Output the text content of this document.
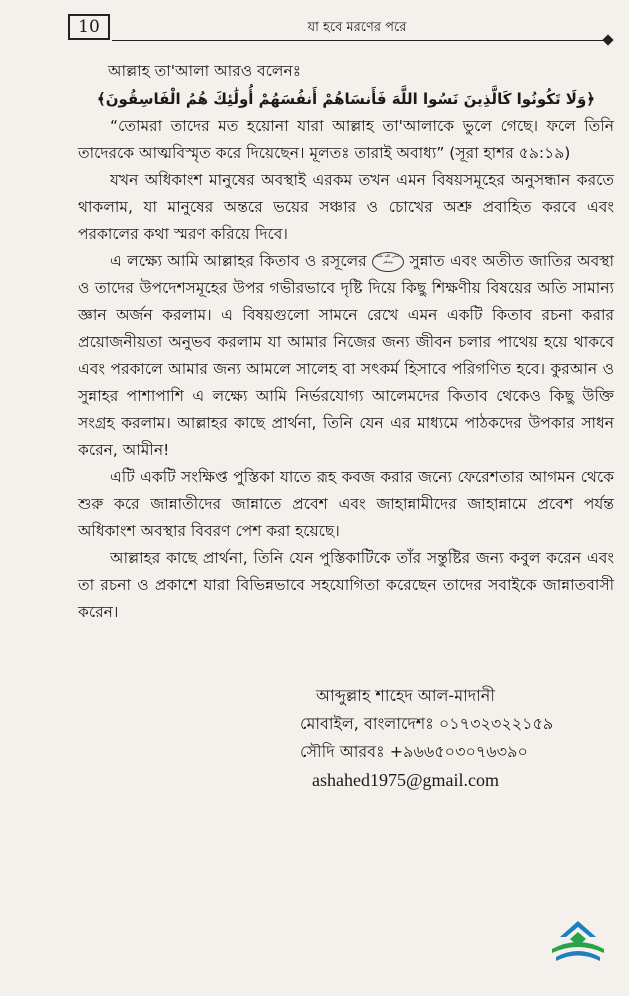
10	যা হবে মরণের পরে

আল্লাহ তা'আলা আরও বলেনঃ

﴿وَلَا تَكُونُوا كَالَّذِينَ نَسُوا اللَّهَ فَأَنسَاهُمْ أَنفُسَهُمْ أُولَٰئِكَ هُمُ الْفَاسِقُونَ﴾

“তোমরা তাদের মত হয়োনা যারা আল্লাহ তা'আলাকে ভুলে গেছে। ফলে তিনি তাদেরকে আত্মবিস্মৃত করে দিয়েছেন। মূলতঃ তারাই অবাধ্য” (সূরা হাশর ৫৯:১৯)

যখন অধিকাংশ মানুষের অবস্থাই এরকম তখন এমন বিষয়সমূহের অনুসন্ধান করতে থাকলাম, যা মানুষের অন্তরে ভয়ের সঞ্চার ও চোখের অশ্রু প্রবাহিত করবে এবং পরকালের কথা স্মরণ করিয়ে দিবে।

এ লক্ষ্যে আমি আল্লাহর কিতাব ও রসূলের صلى الله عليه وسلم সুন্নাত এবং অতীত জাতির অবস্থা ও তাদের উপদেশসমূহের উপর গভীরভাবে দৃষ্টি দিয়ে কিছু শিক্ষণীয় বিষয়ের অতি সামান্য জ্ঞান অর্জন করলাম। এ বিষয়গুলো সামনে রেখে এমন একটি কিতাব রচনা করার প্রয়োজনীয়তা অনুভব করলাম যা আমার নিজের জন্য জীবন চলার পাথেয় হয়ে থাকবে এবং পরকালে আমার জন্য আমলে সালেহ বা সৎকর্ম হিসাবে পরিগণিত হবে। কুরআন ও সুন্নাহর পাশাপাশি এ লক্ষ্যে আমি নির্ভরযোগ্য আলেমদের কিতাব থেকেও কিছু উক্তি সংগ্রহ করলাম। আল্লাহর কাছে প্রার্থনা, তিনি যেন এর মাধ্যমে পাঠকদের উপকার সাধন করেন, আমীন!

এটি একটি সংক্ষিপ্ত পুস্তিকা যাতে রূহ কবজ করার জন্যে ফেরেশতার আগমন থেকে শুরু করে জান্নাতীদের জান্নাতে প্রবেশ এবং জাহান্নামীদের জাহান্নামে প্রবেশ পর্যন্ত অধিকাংশ অবস্থার বিবরণ পেশ করা হয়েছে।

আল্লাহর কাছে প্রার্থনা, তিনি যেন পুস্তিকাটিকে তাঁর সন্তুষ্টির জন্য কবুল করেন এবং তা রচনা ও প্রকাশে যারা বিভিন্নভাবে সহযোগিতা করেছেন তাদের সবাইকে জান্নাতবাসী করেন।

আব্দুল্লাহ শাহেদ আল-মাদানী
মোবাইল, বাংলাদেশঃ ০১৭৩২৩২২১৫৯
সৌদি আরবঃ +৯৬৬৫০৩০৭৬৩৯০
ashahed1975@gmail.com
